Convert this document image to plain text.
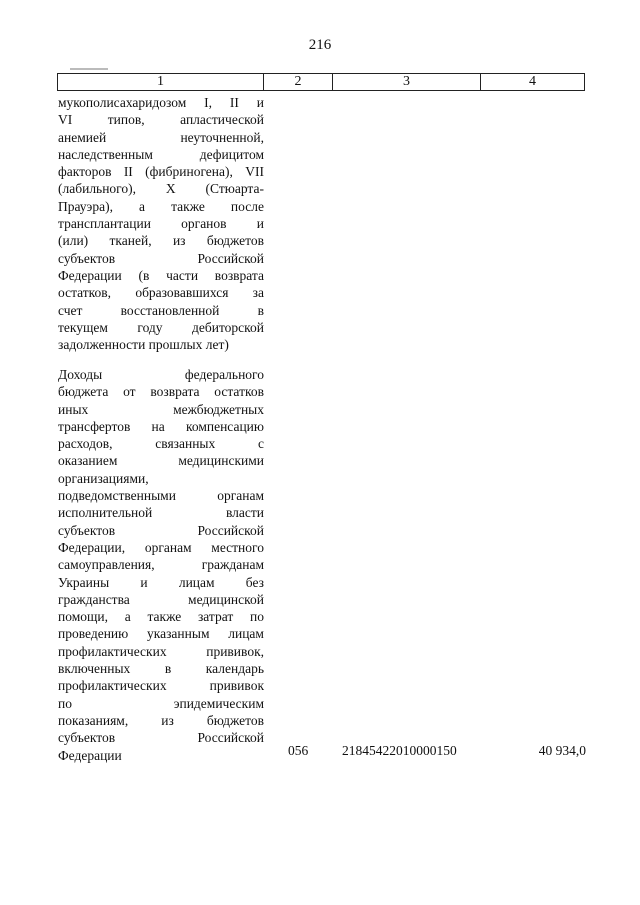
216
1	2	3	4
мукополисахаридозом I, II и
VI	типов,	апластической
анемией	неуточненной,
наследственным	дефицитом
факторов II (фибриногена), VII
(лабильного), X (Стюарта-
Прауэра), а также после
трансплантации органов и
(или) тканей, из бюджетов
субъектов	Российской
Федерации (в части возврата
остатков, образовавшихся за
счет	восстановленной	в
текущем году дебиторской
задолженности прошлых лет)
Доходы	федерального
бюджета от возврата остатков
иных	межбюджетных
трансфертов на компенсацию
расходов,	связанных	с
оказанием	медицинскими
организациями,
подведомственными	органам
исполнительной	власти
субъектов	Российской
Федерации, органам местного
самоуправления,	гражданам
Украины и лицам без
гражданства	медицинской
помощи, а также затрат по
проведению указанным лицам
профилактических	прививок,
включенных	в	календарь
профилактических	прививок
по	эпидемическим
показаниям, из бюджетов
субъектов	Российской
Федерации	056	21845422010000150	40 934,0
